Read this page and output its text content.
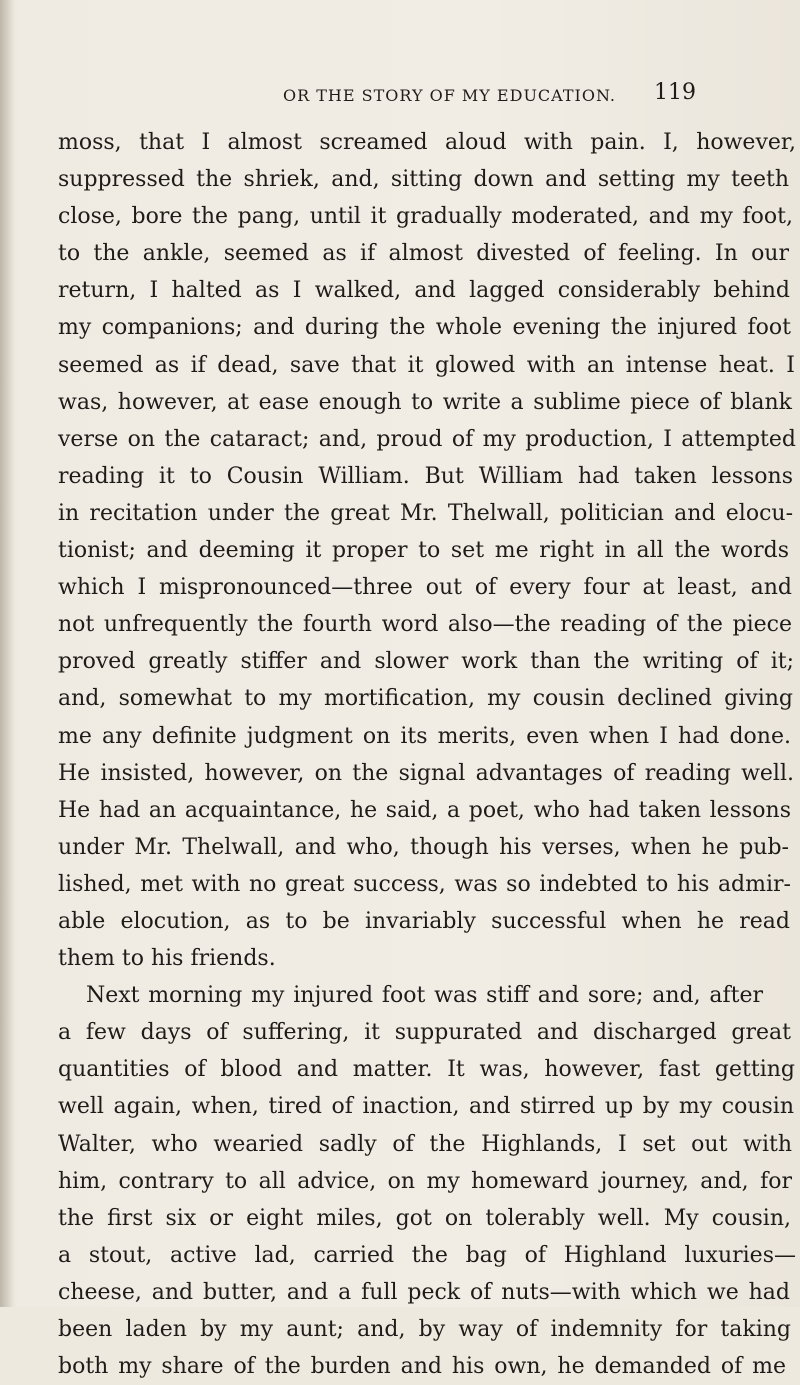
OR THE STORY OF MY EDUCATION. 119
moss, that I almost screamed aloud with pain. I, however,
suppressed the shriek, and, sitting down and setting my teeth
close, bore the pang, until it gradually moderated, and my foot,
to the ankle, seemed as if almost divested of feeling. In our
return, I halted as I walked, and lagged considerably behind
my companions; and during the whole evening the injured foot
seemed as if dead, save that it glowed with an intense heat. I
was, however, at ease enough to write a sublime piece of blank
verse on the cataract; and, proud of my production, I attempted
reading it to Cousin William. But William had taken lessons
in recitation under the great Mr. Thelwall, politician and elocu-
tionist; and deeming it proper to set me right in all the words
which I mispronounced—three out of every four at least, and
not unfrequently the fourth word also—the reading of the piece
proved greatly stiffer and slower work than the writing of it;
and, somewhat to my mortification, my cousin declined giving
me any definite judgment on its merits, even when I had done.
He insisted, however, on the signal advantages of reading well.
He had an acquaintance, he said, a poet, who had taken lessons
under Mr. Thelwall, and who, though his verses, when he pub-
lished, met with no great success, was so indebted to his admir-
able elocution, as to be invariably successful when he read
them to his friends.
Next morning my injured foot was stiff and sore; and, after
a few days of suffering, it suppurated and discharged great
quantities of blood and matter. It was, however, fast getting
well again, when, tired of inaction, and stirred up by my cousin
Walter, who wearied sadly of the Highlands, I set out with
him, contrary to all advice, on my homeward journey, and, for
the first six or eight miles, got on tolerably well. My cousin,
a stout, active lad, carried the bag of Highland luxuries—
cheese, and butter, and a full peck of nuts—with which we had
been laden by my aunt; and, by way of indemnity for taking
both my share of the burden and his own, he demanded of me
